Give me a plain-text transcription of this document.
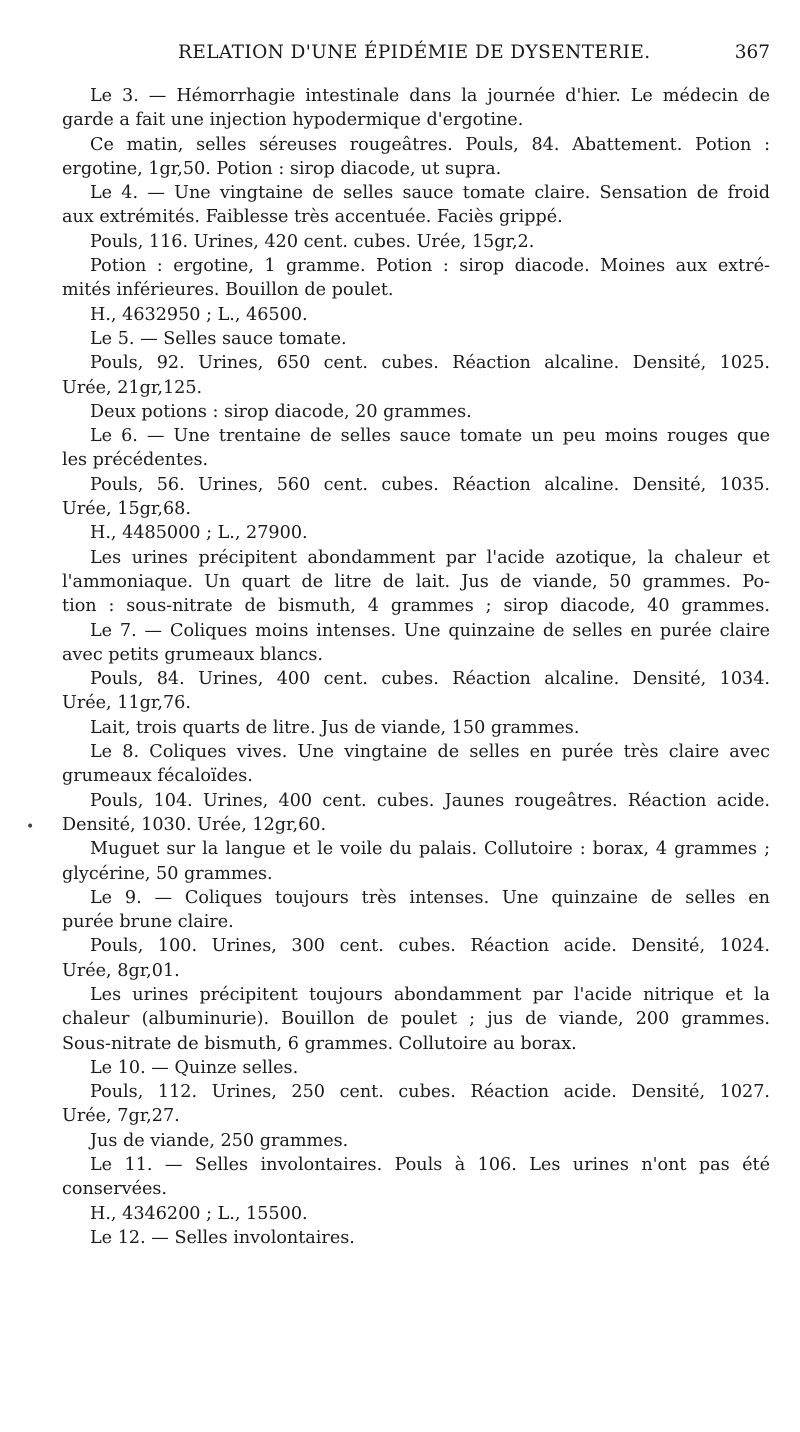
RELATION D'UNE ÉPIDÉMIE DE DYSENTERIE.	367
•
Le 3. — Hémorrhagie intestinale dans la journée d'hier. Le médecin de
garde a fait une injection hypodermique d'ergotine.
Ce matin, selles séreuses rougeâtres. Pouls, 84. Abattement. Potion :
ergotine, 1gr,50. Potion : sirop diacode, ut supra.
Le 4. — Une vingtaine de selles sauce tomate claire. Sensation de froid
aux extrémités. Faiblesse très accentuée. Faciès grippé.
Pouls, 116. Urines, 420 cent. cubes. Urée, 15gr,2.
Potion : ergotine, 1 gramme. Potion : sirop diacode. Moines aux extré-
mités inférieures. Bouillon de poulet.
H., 4632950 ; L., 46500.
Le 5. — Selles sauce tomate.
Pouls, 92. Urines, 650 cent. cubes. Réaction alcaline. Densité, 1025.
Urée, 21gr,125.
Deux potions : sirop diacode, 20 grammes.
Le 6. — Une trentaine de selles sauce tomate un peu moins rouges que
les précédentes.
Pouls, 56. Urines, 560 cent. cubes. Réaction alcaline. Densité, 1035.
Urée, 15gr,68.
H., 4485000 ; L., 27900.
Les urines précipitent abondamment par l'acide azotique, la chaleur et
l'ammoniaque. Un quart de litre de lait. Jus de viande, 50 grammes. Po-
tion : sous-nitrate de bismuth, 4 grammes ; sirop diacode, 40 grammes.
Le 7. — Coliques moins intenses. Une quinzaine de selles en purée claire
avec petits grumeaux blancs.
Pouls, 84. Urines, 400 cent. cubes. Réaction alcaline. Densité, 1034.
Urée, 11gr,76.
Lait, trois quarts de litre. Jus de viande, 150 grammes.
Le 8. Coliques vives. Une vingtaine de selles en purée très claire avec
grumeaux fécaloïdes.
Pouls, 104. Urines, 400 cent. cubes. Jaunes rougeâtres. Réaction acide.
Densité, 1030. Urée, 12gr,60.
Muguet sur la langue et le voile du palais. Collutoire : borax, 4 grammes ;
glycérine, 50 grammes.
Le 9. — Coliques toujours très intenses. Une quinzaine de selles en
purée brune claire.
Pouls, 100. Urines, 300 cent. cubes. Réaction acide. Densité, 1024.
Urée, 8gr,01.
Les urines précipitent toujours abondamment par l'acide nitrique et la
chaleur (albuminurie). Bouillon de poulet ; jus de viande, 200 grammes.
Sous-nitrate de bismuth, 6 grammes. Collutoire au borax.
Le 10. — Quinze selles.
Pouls, 112. Urines, 250 cent. cubes. Réaction acide. Densité, 1027.
Urée, 7gr,27.
Jus de viande, 250 grammes.
Le 11. — Selles involontaires. Pouls à 106. Les urines n'ont pas été
conservées.
H., 4346200 ; L., 15500.
Le 12. — Selles involontaires.
